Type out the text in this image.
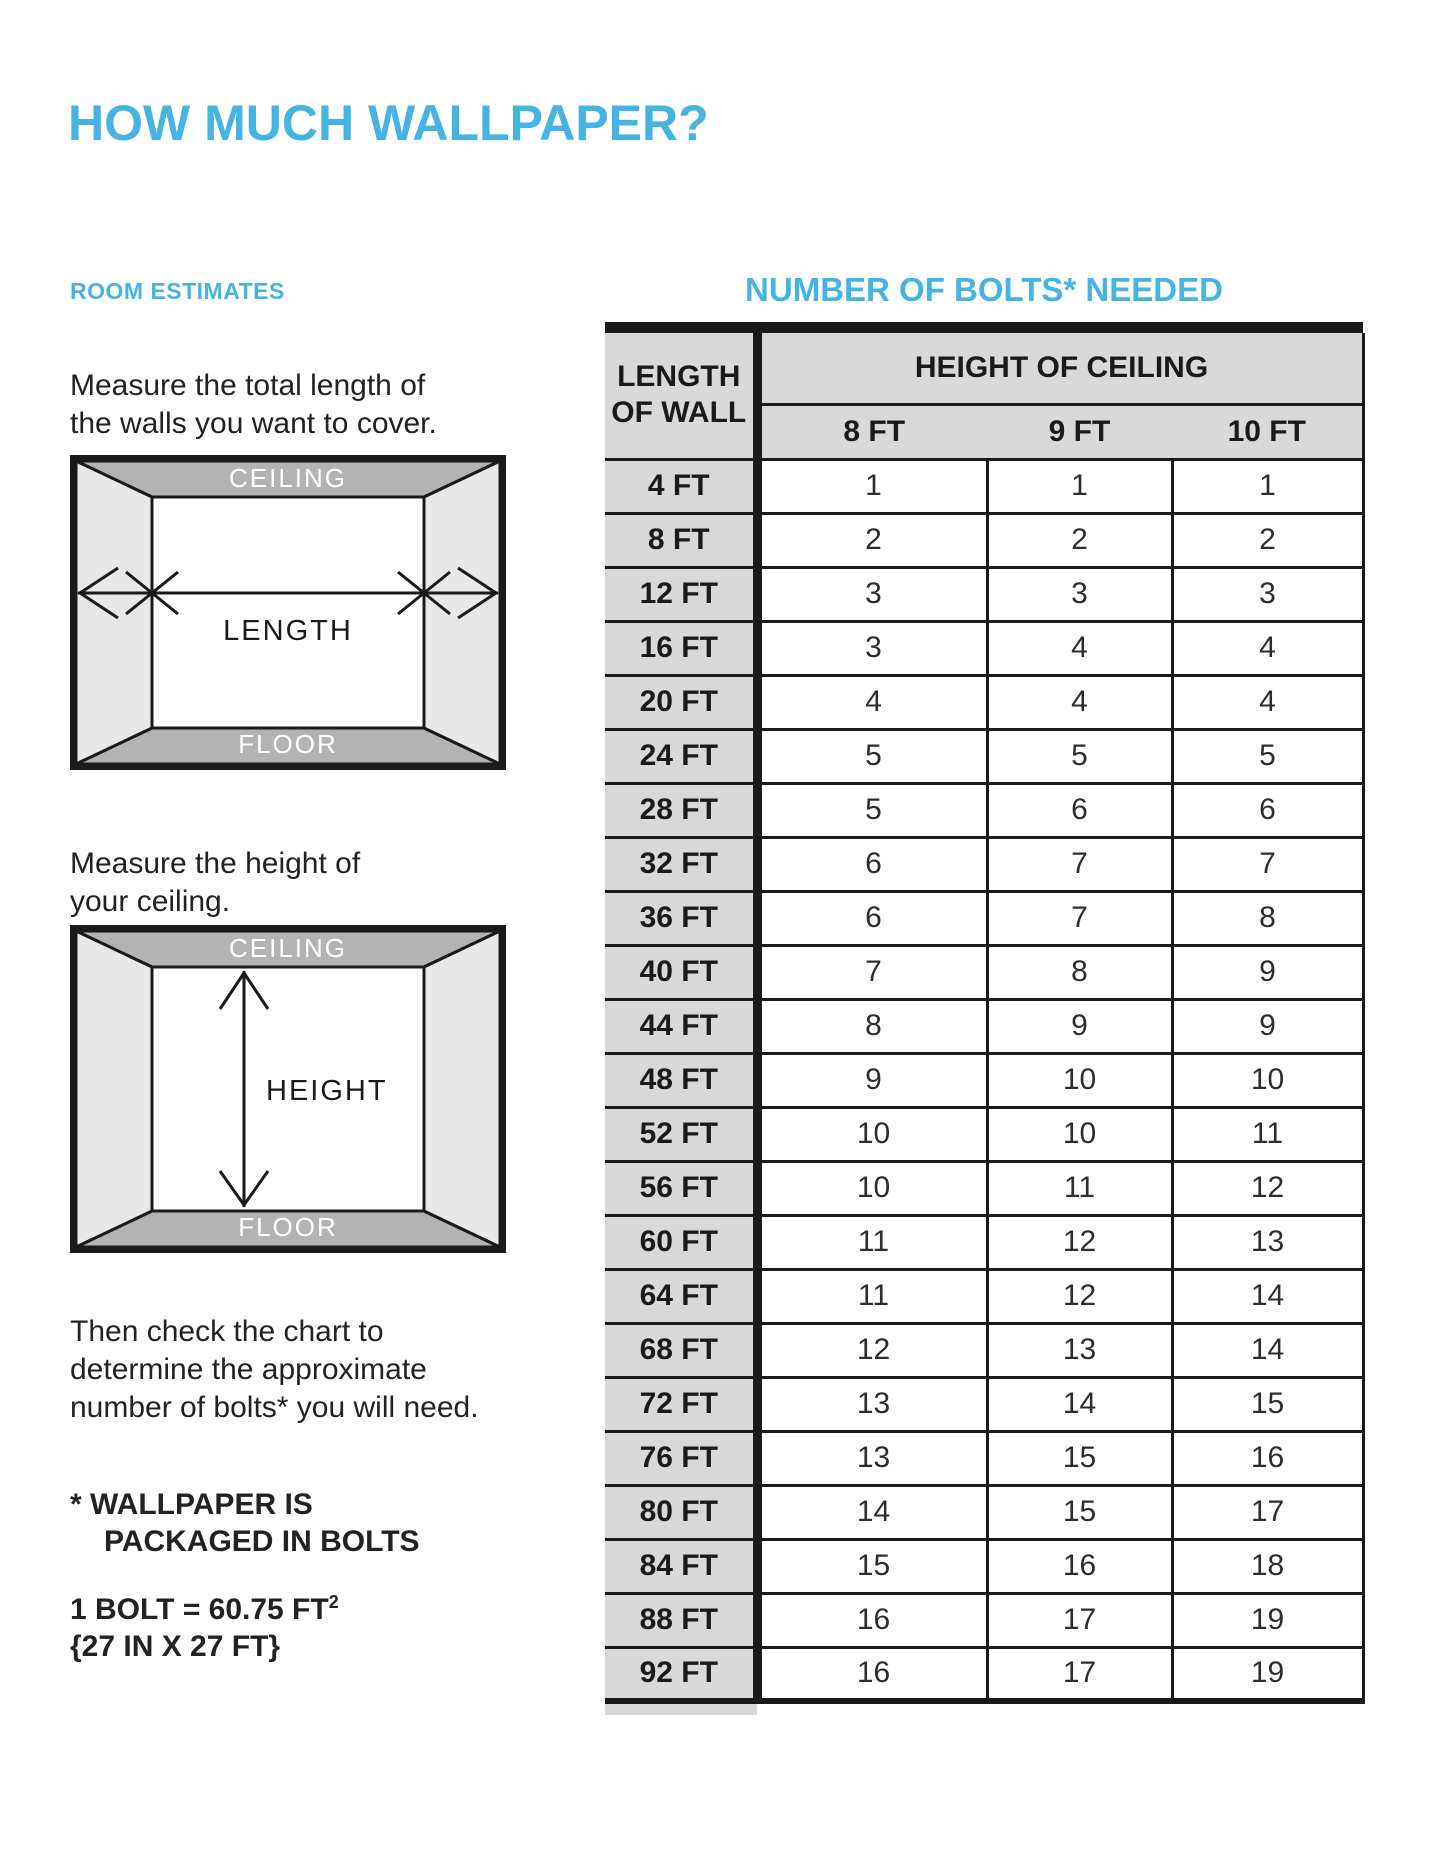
HOW MUCH WALLPAPER?
ROOM ESTIMATES	NUMBER OF BOLTS* NEEDED

Measure the total length of
the walls you want to cover.

CEILING
FLOOR
LENGTH

Measure the height of
your ceiling.

CEILING
FLOOR
HEIGHT

Then check the chart to
determine the approximate
number of bolts* you will need.

* WALLPAPER IS
PACKAGED IN BOLTS
1 BOLT = 60.75 $FT^2$
{27 IN X 27 FT}
LENGTH
OF WALL	HEIGHT OF CEILING		
	8 FT	9 FT	10 FT
4 FT	1	1	1
8 FT	2	2	2
12 FT	3	3	3
16 FT	3	4	4
20 FT	4	4	4
24 FT	5	5	5
28 FT	5	6	6
32 FT	6	7	7
36 FT	6	7	8
40 FT	7	8	9
44 FT	8	9	9
48 FT	9	10	10
52 FT	10	10	11
56 FT	10	11	12
60 FT	11	12	13
64 FT	11	12	14
68 FT	12	13	14
72 FT	13	14	15
76 FT	13	15	16
80 FT	14	15	17
84 FT	15	16	18
88 FT	16	17	19
92 FT	16	17	19
